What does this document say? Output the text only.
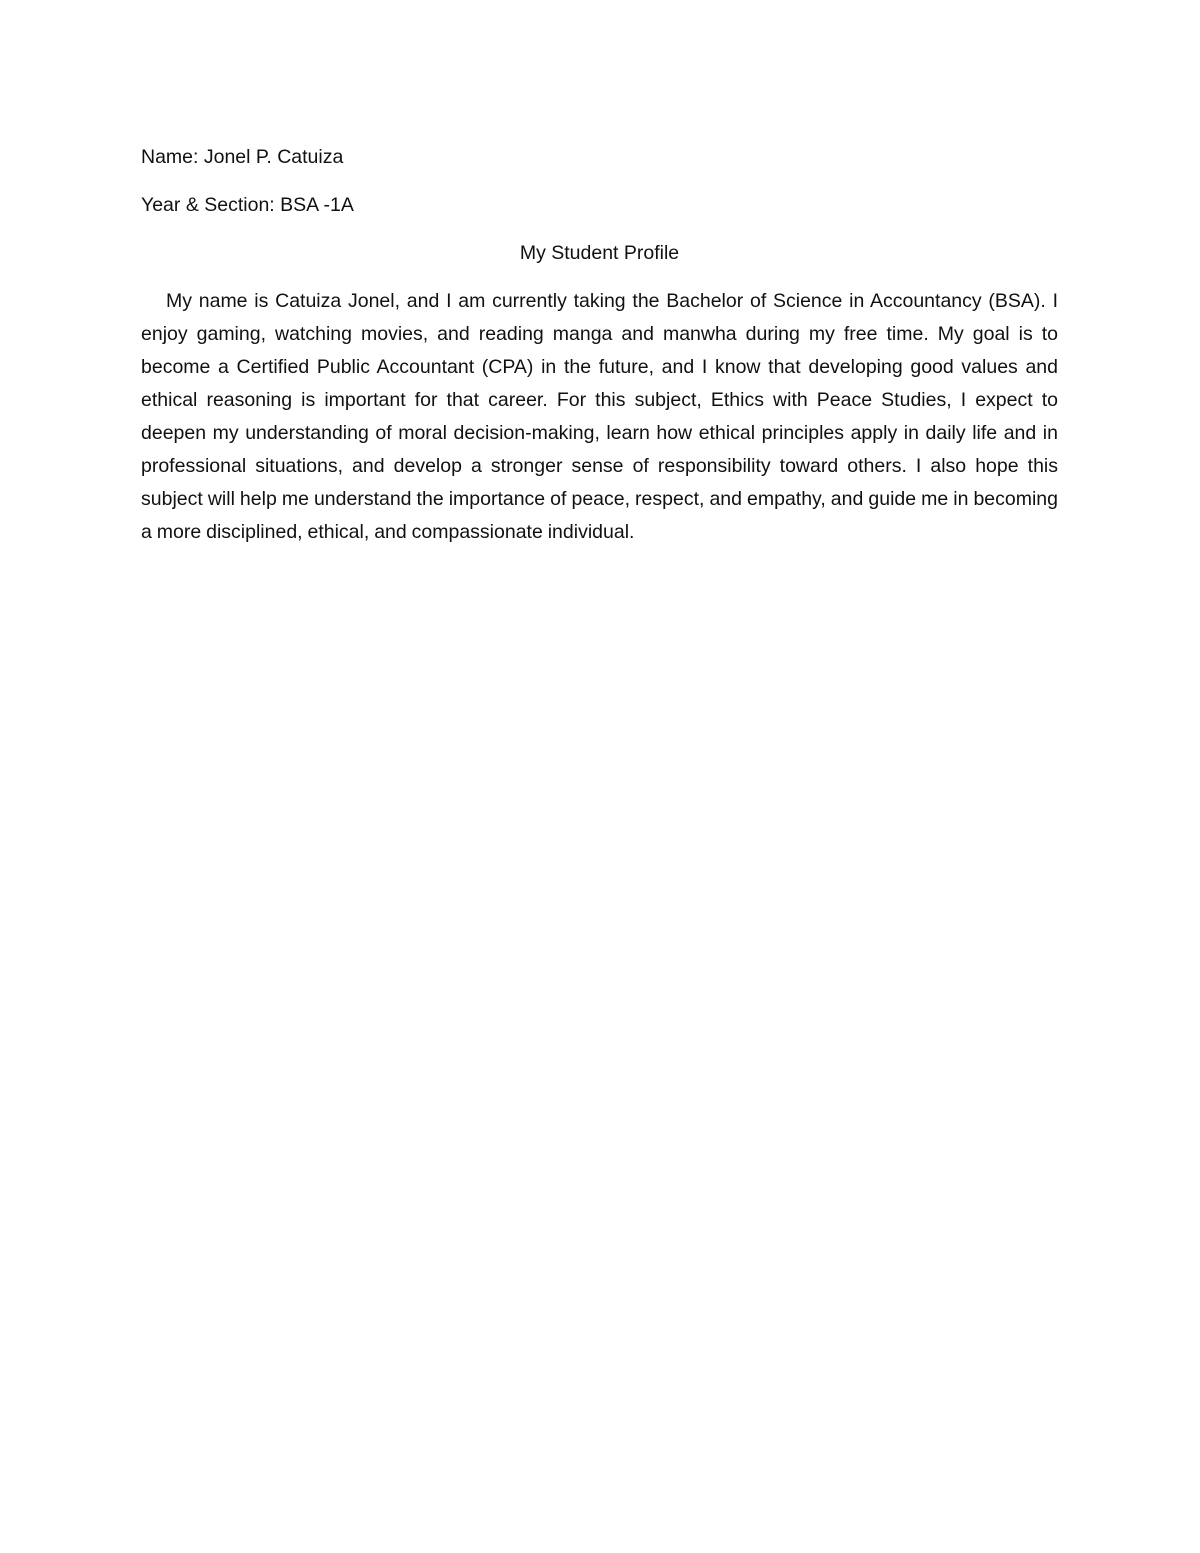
Name: Jonel P. Catuiza

Year & Section: BSA -1A

My Student Profile

My name is Catuiza Jonel, and I am currently taking the Bachelor of Science in Accountancy (BSA). I enjoy gaming, watching movies, and reading manga and manwha during my free time. My goal is to become a Certified Public Accountant (CPA) in the future, and I know that developing good values and ethical reasoning is important for that career. For this subject, Ethics with Peace Studies, I expect to deepen my understanding of moral decision-making, learn how ethical principles apply in daily life and in professional situations, and develop a stronger sense of responsibility toward others. I also hope this subject will help me understand the importance of peace, respect, and empathy, and guide me in becoming a more disciplined, ethical, and compassionate individual.
